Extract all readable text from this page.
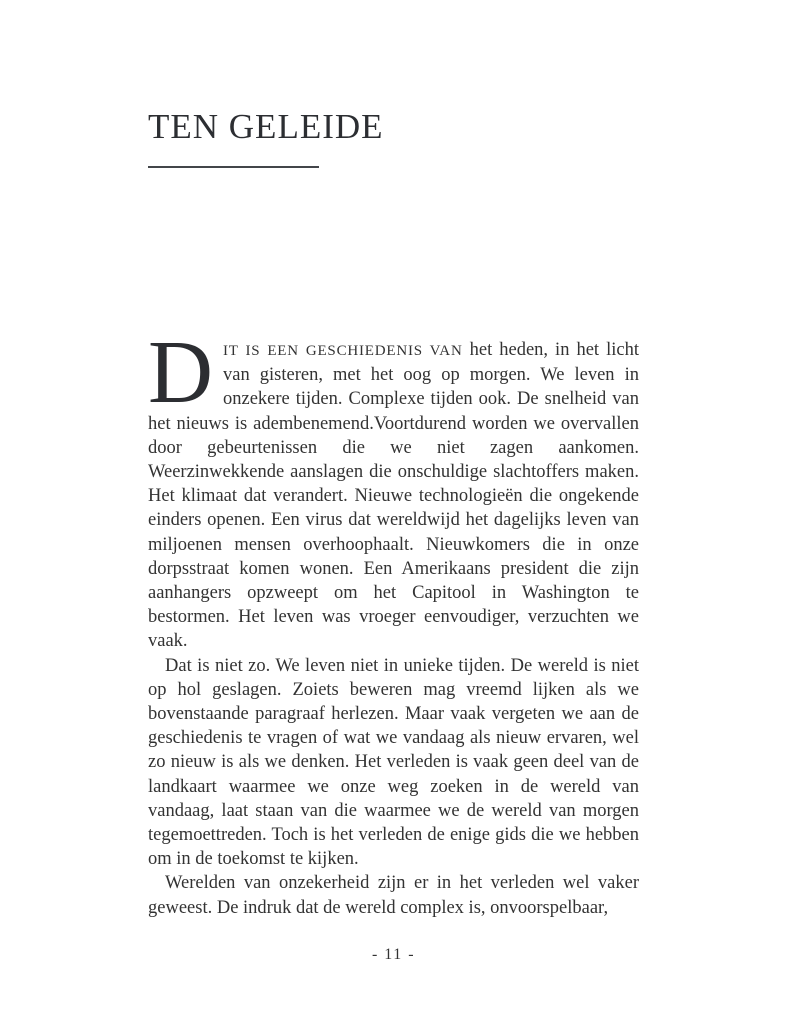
TEN GELEIDE

DIT IS EEN GESCHIEDENIS VAN het heden, in het licht van gisteren, met het oog op morgen. We leven in onzekere tijden. Complexe tijden ook. De snelheid van het nieuws is adembenemend.Voortdurend worden we overvallen door gebeurtenissen die we niet zagen aankomen. Weerzinwekkende aanslagen die onschuldige slachtoffers maken. Het klimaat dat verandert. Nieuwe technologieën die ongekende einders openen. Een virus dat wereldwijd het dagelijks leven van miljoenen mensen overhoophaalt. Nieuwkomers die in onze dorpsstraat komen wonen. Een Amerikaans president die zijn aanhangers opzweept om het Capitool in Washington te bestormen. Het leven was vroeger eenvoudiger, verzuchten we vaak.

Dat is niet zo. We leven niet in unieke tijden. De wereld is niet op hol geslagen. Zoiets beweren mag vreemd lijken als we bovenstaande paragraaf herlezen. Maar vaak vergeten we aan de geschiedenis te vragen of wat we vandaag als nieuw ervaren, wel zo nieuw is als we denken. Het verleden is vaak geen deel van de landkaart waarmee we onze weg zoeken in de wereld van vandaag, laat staan van die waarmee we de wereld van morgen tegemoettreden. Toch is het verleden de enige gids die we hebben om in de toekomst te kijken.

Werelden van onzekerheid zijn er in het verleden wel vaker geweest. De indruk dat de wereld complex is, onvoorspelbaar,

- 11 -
